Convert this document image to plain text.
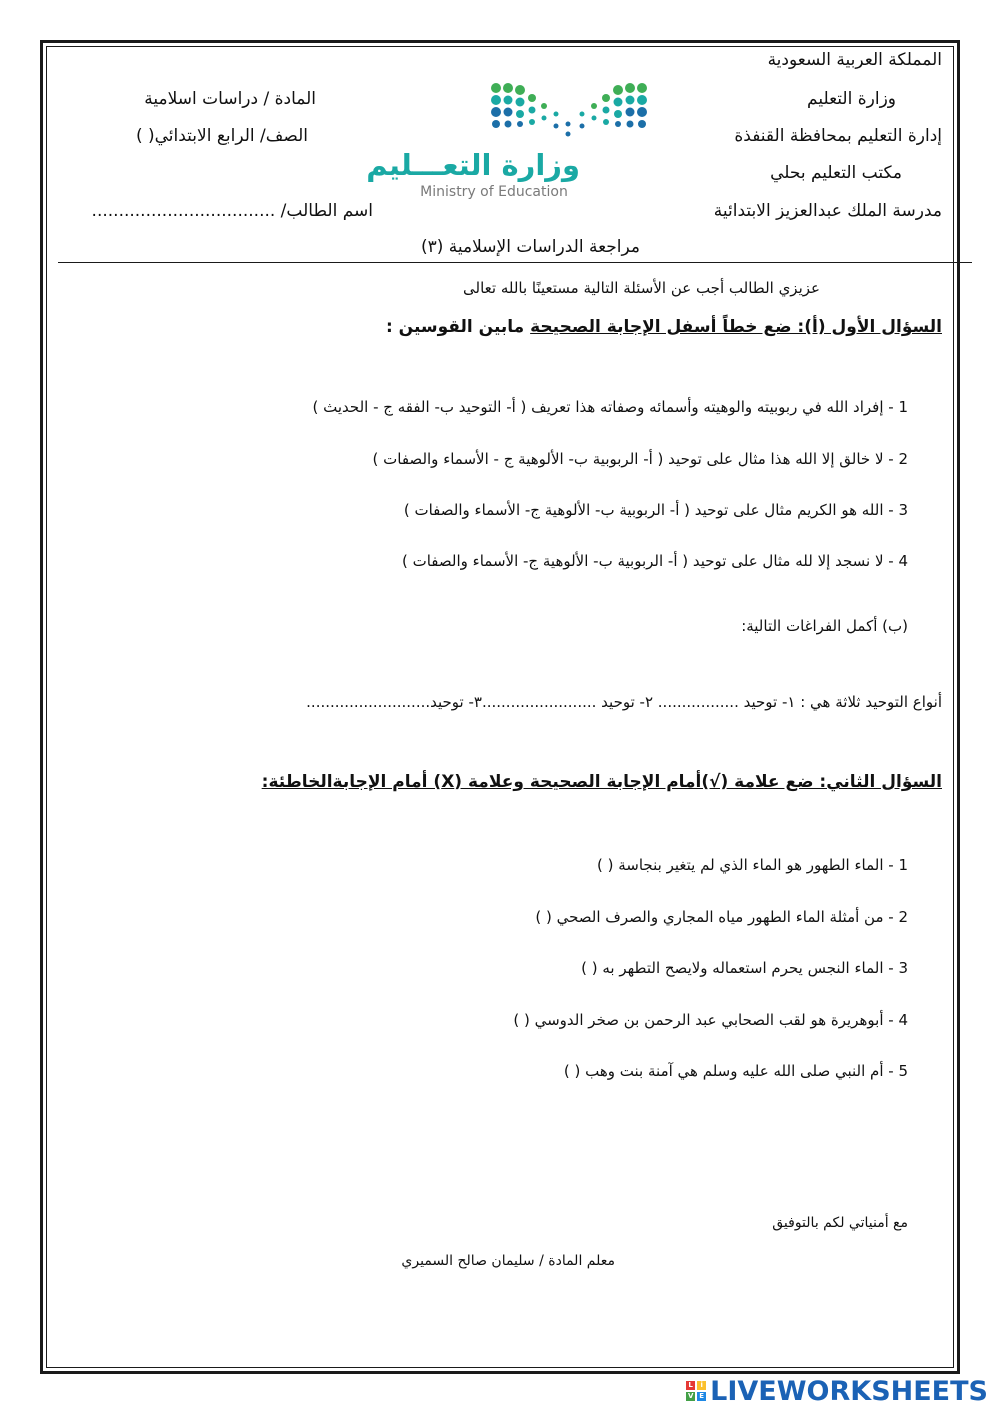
المملكة العربية السعودية
وزارة التعليم
إدارة التعليم بمحافظة القنفذة
مكتب التعليم بحلي
مدرسة الملك عبدالعزيز الابتدائية
المادة / دراسات اسلامية
الصف/ الرابع الابتدائي( )
اسم الطالب/ ..................................
وزارة التعـــليم
Ministry of Education
مراجعة الدراسات الإسلامية (٣)
عزيزي الطالب أجب عن الأسئلة التالية مستعينًا بالله تعالى
السؤال الأول (أ): ضع خطاً أسفل الإجابة الصحيحة مابين القوسين :
1 - إفراد الله في ربوبيته والوهيته وأسمائه وصفاته هذا تعريف ( أ- التوحيد ب- الفقه ج - الحديث )
2 - لا خالق إلا الله هذا مثال على توحيد ( أ- الربوبية ب- الألوهية ج - الأسماء والصفات )
3 - الله هو الكريم مثال على توحيد ( أ- الربوبية ب- الألوهية ج- الأسماء والصفات )
4 - لا نسجد إلا لله مثال على توحيد ( أ- الربوبية ب- الألوهية ج- الأسماء والصفات )
(ب) أكمل الفراغات التالية:
أنواع التوحيد ثلاثة هي : ١- توحيد ................. ٢- توحيد ........................٣- توحيد..........................
السؤال الثاني: ضع علامة (√)أمام الإجابة الصحيحة وعلامة (X) أمام الإجابةالخاطئة:
1 - الماء الطهور هو الماء الذي لم يتغير بنجاسة ( )
2 - من أمثلة الماء الطهور مياه المجاري والصرف الصحي ( )
3 - الماء النجس يحرم استعماله ولايصح التطهر به ( )
4 - أبوهريرة هو لقب الصحابي عبد الرحمن بن صخر الدوسي ( )
5 - أم النبي صلى الله عليه وسلم هي آمنة بنت وهب ( )
مع أمنياتي لكم بالتوفيق
معلم المادة / سليمان صالح السميري
L	i
V E LIVEWORKSHEETS
